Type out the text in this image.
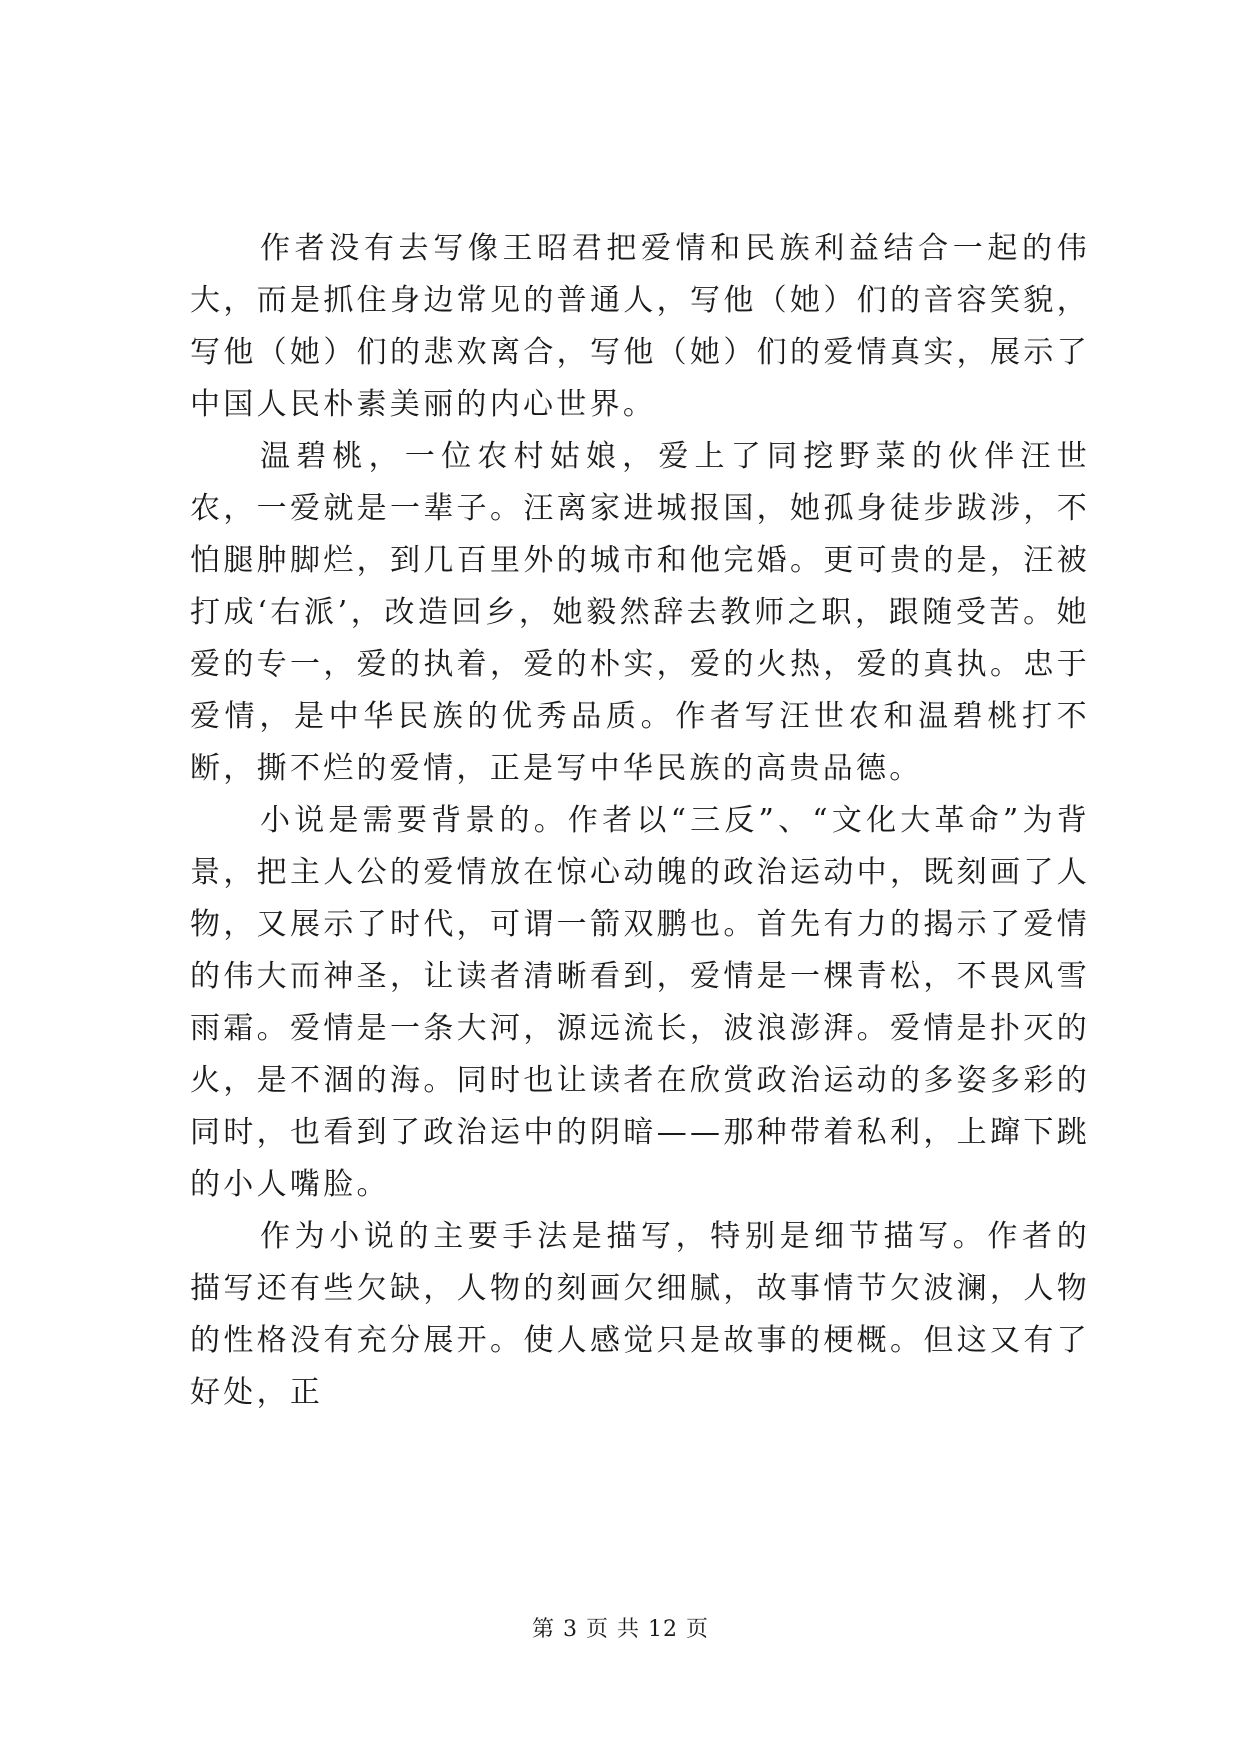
作者没有去写像王昭君把爱情和民族利益结合一起的伟大，而是抓住身边常见的普通人，写他（她）们的音容笑貌，写他（她）们的悲欢离合，写他（她）们的爱情真实，展示了中国人民朴素美丽的内心世界。

温碧桃，一位农村姑娘，爱上了同挖野菜的伙伴汪世农，一爱就是一辈子。汪离家进城报国，她孤身徒步跋涉，不怕腿肿脚烂，到几百里外的城市和他完婚。更可贵的是，汪被打成‘右派’，改造回乡，她毅然辞去教师之职，跟随受苦。她爱的专一，爱的执着，爱的朴实，爱的火热，爱的真执。忠于爱情，是中华民族的优秀品质。作者写汪世农和温碧桃打不断，撕不烂的爱情，正是写中华民族的高贵品德。

小说是需要背景的。作者以“三反”、“文化大革命”为背景，把主人公的爱情放在惊心动魄的政治运动中，既刻画了人物，又展示了时代，可谓一箭双鹏也。首先有力的揭示了爱情的伟大而神圣，让读者清晰看到，爱情是一棵青松，不畏风雪雨霜。爱情是一条大河，源远流长，波浪澎湃。爱情是扑灭的火，是不涸的海。同时也让读者在欣赏政治运动的多姿多彩的同时，也看到了政治运中的阴暗——那种带着私利，上蹿下跳的小人嘴脸。

作为小说的主要手法是描写，特别是细节描写。作者的描写还有些欠缺，人物的刻画欠细腻，故事情节欠波澜，人物的性格没有充分展开。使人感觉只是故事的梗概。但这又有了好处，正

第 3 页 共 12 页
